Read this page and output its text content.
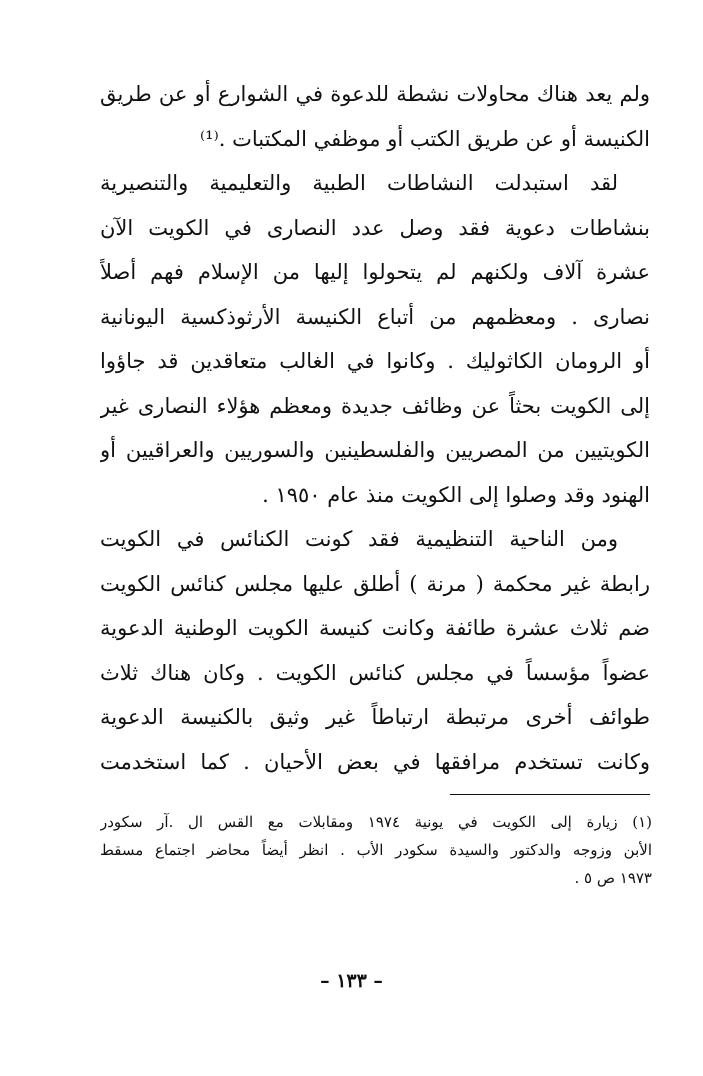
ولم يعد هناك محاولات نشطة للدعوة في الشوارع أو عن طريق
الكنيسة أو عن طريق الكتب أو موظفي المكتبات .⁽¹⁾
لقد استبدلت النشاطات الطبية والتعليمية والتنصيرية
بنشاطات دعوية فقد وصل عدد النصارى في الكويت الآن
عشرة آلاف ولكنهم لم يتحولوا إليها من الإسلام فهم أصلاً
نصارى . ومعظمهم من أتباع الكنيسة الأرثوذكسية اليونانية
أو الرومان الكاثوليك . وكانوا في الغالب متعاقدين قد جاؤوا
إلى الكويت بحثاً عن وظائف جديدة ومعظم هؤلاء النصارى غير
الكويتيين من المصريين والفلسطينين والسوريين والعراقيين أو
الهنود وقد وصلوا إلى الكويت منذ عام ١٩٥٠ .
ومن الناحية التنظيمية فقد كونت الكنائس في الكويت
رابطة غير محكمة ( مرنة ) أطلق عليها مجلس كنائس الكويت
ضم ثلاث عشرة طائفة وكانت كنيسة الكويت الوطنية الدعوية
عضواً مؤسساً في مجلس كنائس الكويت . وكان هناك ثلاث
طوائف أخرى مرتبطة ارتباطاً غير وثيق بالكنيسة الدعوية
وكانت تستخدم مرافقها في بعض الأحيان . كما استخدمت
(١) زيارة إلى الكويت في يونية ١٩٧٤ ومقابلات مع القس ال .آر سكودر
الأبن وزوجه والدكتور والسيدة سكودر الأب . انظر أيضاً محاضر اجتماع مسقط
١٩٧٣ ص ٥ .
– ١٣٣ –
